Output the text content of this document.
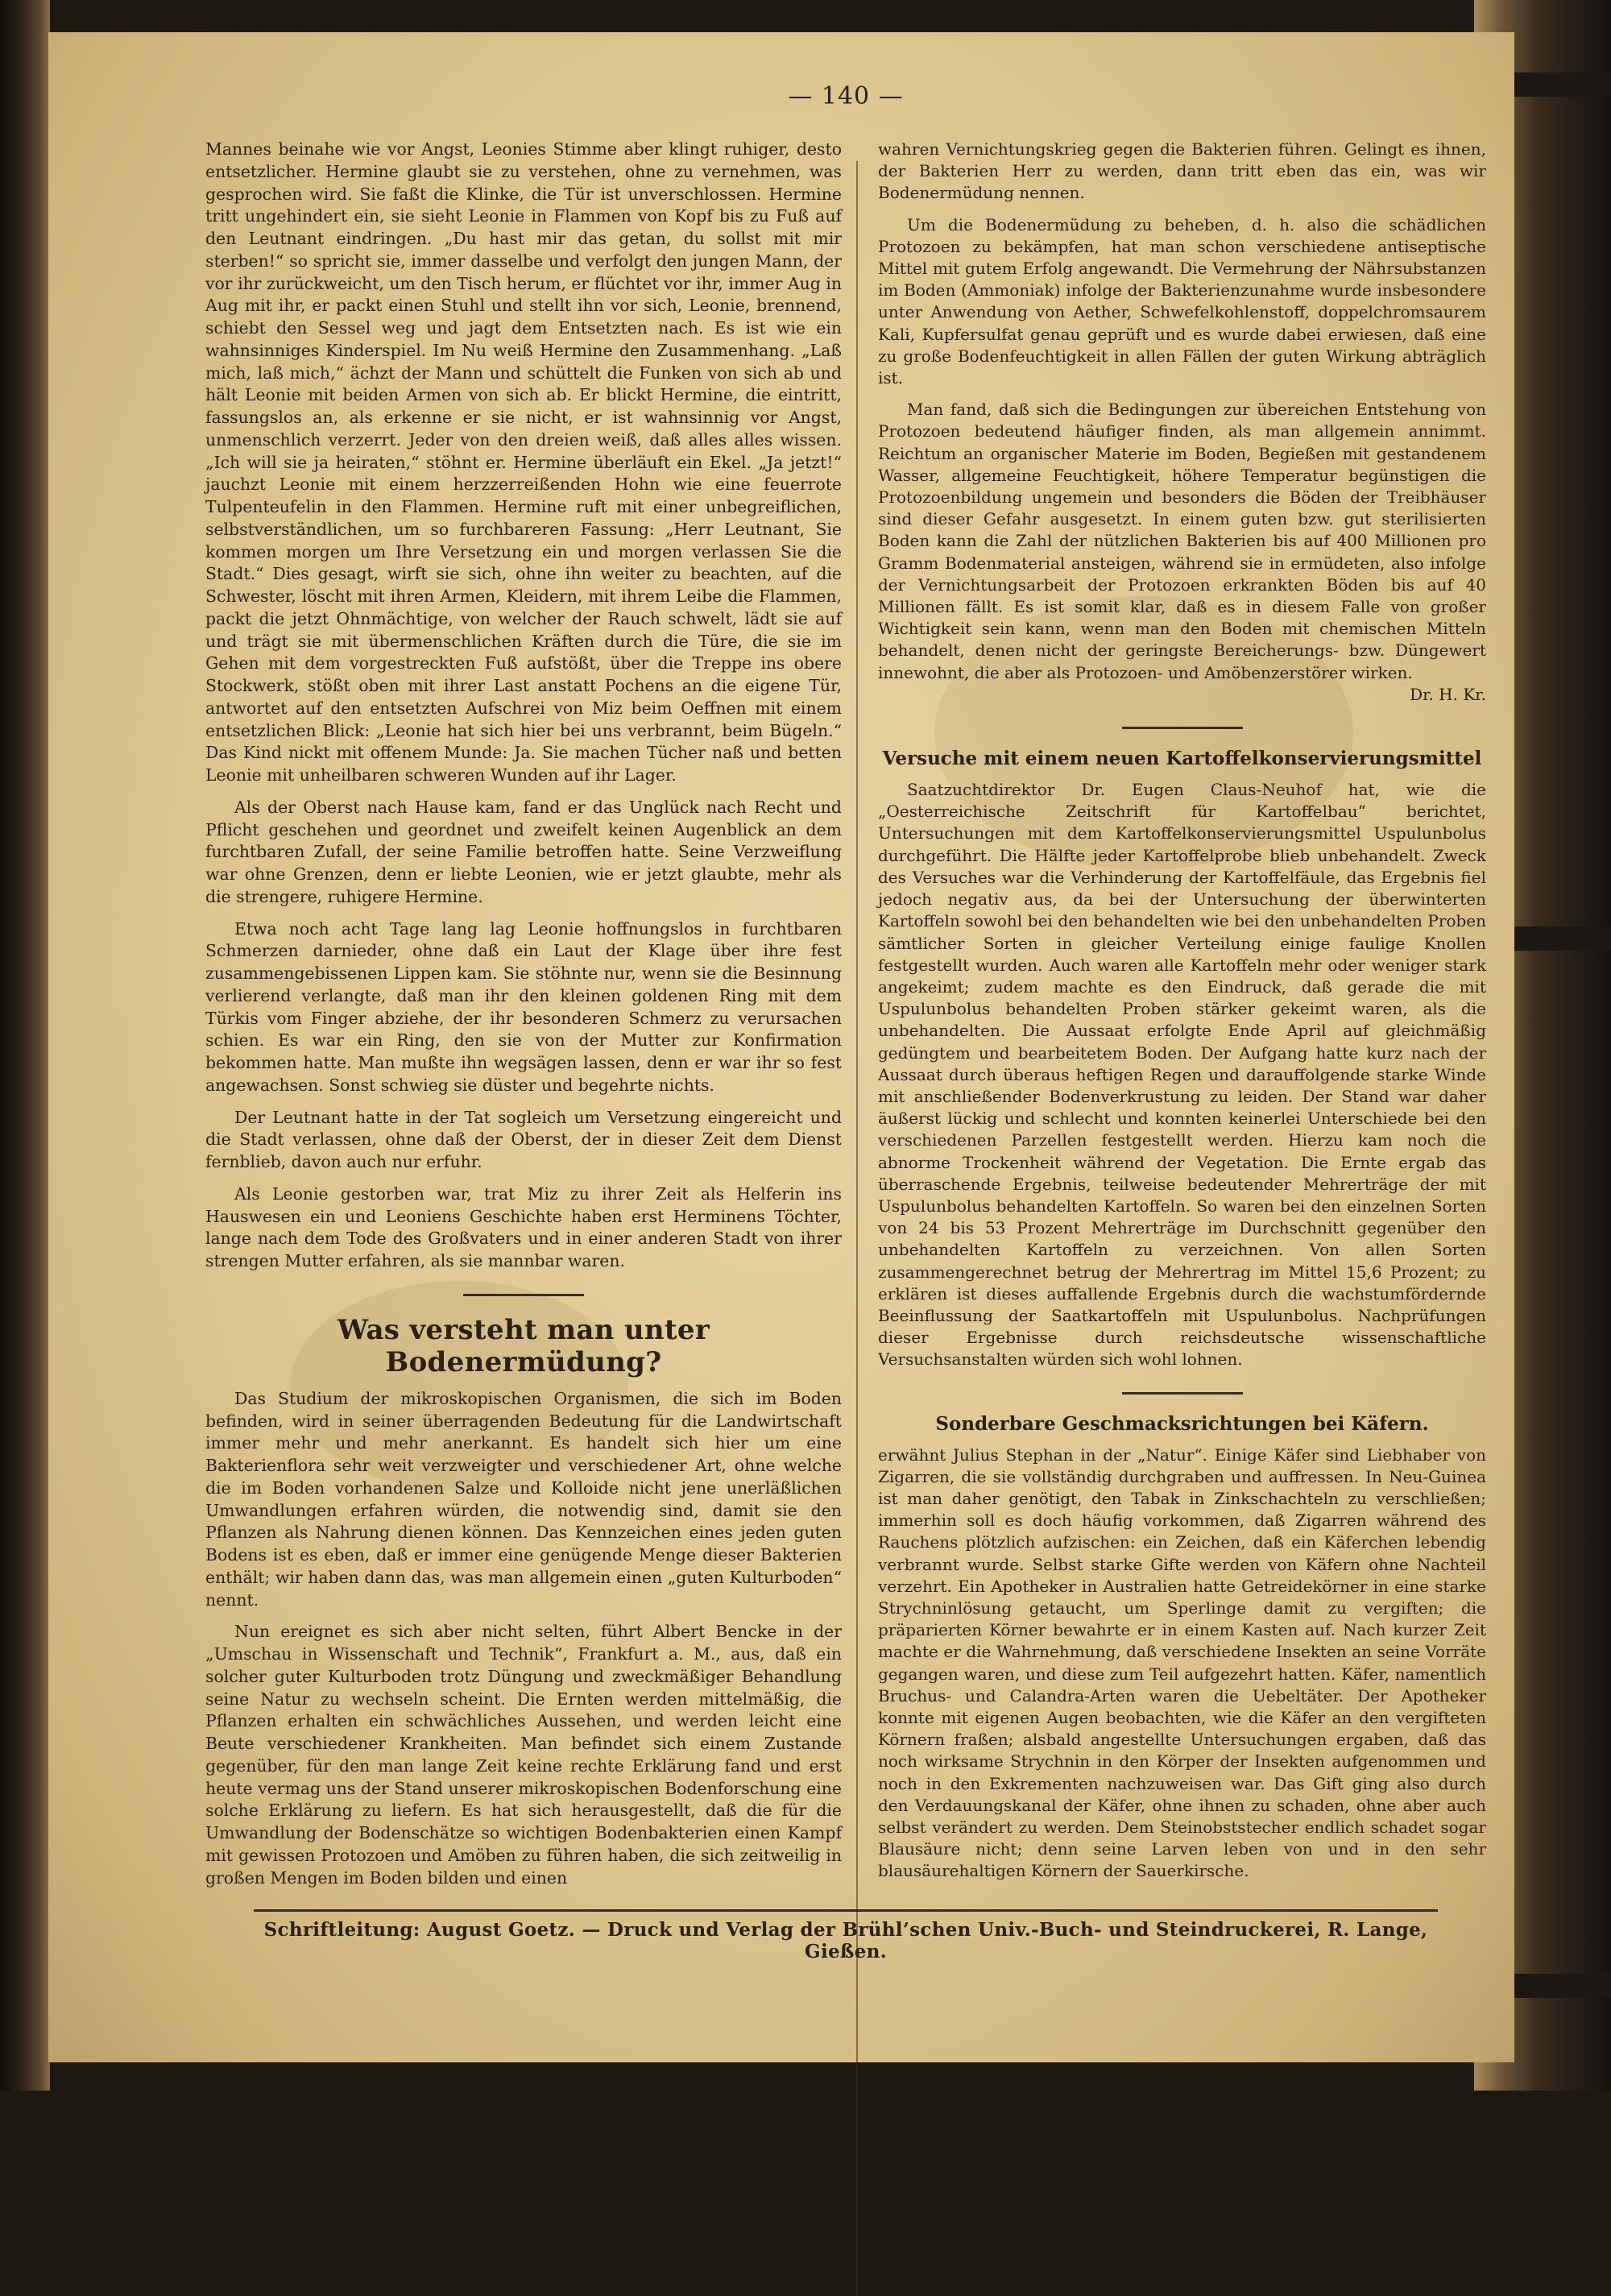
— 140 —

Mannes beinahe wie vor Angst, Leonies Stimme aber klingt ruhiger, desto entsetzlicher. Hermine glaubt sie zu verstehen, ohne zu vernehmen, was gesprochen wird. Sie faßt die Klinke, die Tür ist unverschlossen. Hermine tritt ungehindert ein, sie sieht Leonie in Flammen von Kopf bis zu Fuß auf den Leutnant eindringen. „Du hast mir das getan, du sollst mit mir sterben!“ so spricht sie, immer dasselbe und verfolgt den jungen Mann, der vor ihr zurückweicht, um den Tisch herum, er flüchtet vor ihr, immer Aug in Aug mit ihr, er packt einen Stuhl und stellt ihn vor sich, Leonie, brennend, schiebt den Sessel weg und jagt dem Entsetzten nach. Es ist wie ein wahnsinniges Kinderspiel. Im Nu weiß Hermine den Zusammenhang. „Laß mich, laß mich,“ ächzt der Mann und schüttelt die Funken von sich ab und hält Leonie mit beiden Armen von sich ab. Er blickt Hermine, die eintritt, fassungslos an, als erkenne er sie nicht, er ist wahnsinnig vor Angst, unmenschlich verzerrt. Jeder von den dreien weiß, daß alles alles wissen. „Ich will sie ja heiraten,“ stöhnt er. Hermine überläuft ein Ekel. „Ja jetzt!“ jauchzt Leonie mit einem herzzerreißenden Hohn wie eine feuerrote Tulpenteufelin in den Flammen. Hermine ruft mit einer unbegreiflichen, selbstverständlichen, um so furchbareren Fassung: „Herr Leutnant, Sie kommen morgen um Ihre Versetzung ein und morgen verlassen Sie die Stadt.“ Dies gesagt, wirft sie sich, ohne ihn weiter zu beachten, auf die Schwester, löscht mit ihren Armen, Kleidern, mit ihrem Leibe die Flammen, packt die jetzt Ohnmächtige, von welcher der Rauch schwelt, lädt sie auf und trägt sie mit übermenschlichen Kräften durch die Türe, die sie im Gehen mit dem vorgestreckten Fuß aufstößt, über die Treppe ins obere Stockwerk, stößt oben mit ihrer Last anstatt Pochens an die eigene Tür, antwortet auf den entsetzten Aufschrei von Miz beim Oeffnen mit einem entsetzlichen Blick: „Leonie hat sich hier bei uns verbrannt, beim Bügeln.“ Das Kind nickt mit offenem Munde: Ja. Sie machen Tücher naß und betten Leonie mit unheilbaren schweren Wunden auf ihr Lager.

Als der Oberst nach Hause kam, fand er das Unglück nach Recht und Pflicht geschehen und geordnet und zweifelt keinen Augenblick an dem furchtbaren Zufall, der seine Familie betroffen hatte. Seine Verzweiflung war ohne Grenzen, denn er liebte Leonien, wie er jetzt glaubte, mehr als die strengere, ruhigere Hermine.

Etwa noch acht Tage lang lag Leonie hoffnungslos in furchtbaren Schmerzen darnieder, ohne daß ein Laut der Klage über ihre fest zusammengebissenen Lippen kam. Sie stöhnte nur, wenn sie die Besinnung verlierend verlangte, daß man ihr den kleinen goldenen Ring mit dem Türkis vom Finger abziehe, der ihr besonderen Schmerz zu verursachen schien. Es war ein Ring, den sie von der Mutter zur Konfirmation bekommen hatte. Man mußte ihn wegsägen lassen, denn er war ihr so fest angewachsen. Sonst schwieg sie düster und begehrte nichts.

Der Leutnant hatte in der Tat sogleich um Versetzung eingereicht und die Stadt verlassen, ohne daß der Oberst, der in dieser Zeit dem Dienst fernblieb, davon auch nur erfuhr.

Als Leonie gestorben war, trat Miz zu ihrer Zeit als Helferin ins Hauswesen ein und Leoniens Geschichte haben erst Herminens Töchter, lange nach dem Tode des Großvaters und in einer anderen Stadt von ihrer strengen Mutter erfahren, als sie mannbar waren.

Was versteht man unter Bodenermüdung?

Das Studium der mikroskopischen Organismen, die sich im Boden befinden, wird in seiner überragenden Bedeutung für die Landwirtschaft immer mehr und mehr anerkannt. Es handelt sich hier um eine Bakterienflora sehr weit verzweigter und verschiedener Art, ohne welche die im Boden vorhandenen Salze und Kolloide nicht jene unerläßlichen Umwandlungen erfahren würden, die notwendig sind, damit sie den Pflanzen als Nahrung dienen können. Das Kennzeichen eines jeden guten Bodens ist es eben, daß er immer eine genügende Menge dieser Bakterien enthält; wir haben dann das, was man allgemein einen „guten Kulturboden“ nennt.

Nun ereignet es sich aber nicht selten, führt Albert Bencke in der „Umschau in Wissenschaft und Technik“, Frankfurt a. M., aus, daß ein solcher guter Kulturboden trotz Düngung und zweckmäßiger Behandlung seine Natur zu wechseln scheint. Die Ernten werden mittelmäßig, die Pflanzen erhalten ein schwächliches Aussehen, und werden leicht eine Beute verschiedener Krankheiten. Man befindet sich einem Zustande gegenüber, für den man lange Zeit keine rechte Erklärung fand und erst heute vermag uns der Stand unserer mikroskopischen Bodenforschung eine solche Erklärung zu liefern. Es hat sich herausgestellt, daß die für die Umwandlung der Bodenschätze so wichtigen Bodenbakterien einen Kampf mit gewissen Protozoen und Amöben zu führen haben, die sich zeitweilig in großen Mengen im Boden bilden und einen

wahren Vernichtungskrieg gegen die Bakterien führen. Gelingt es ihnen, der Bakterien Herr zu werden, dann tritt eben das ein, was wir Bodenermüdung nennen.

Um die Bodenermüdung zu beheben, d. h. also die schädlichen Protozoen zu bekämpfen, hat man schon verschiedene antiseptische Mittel mit gutem Erfolg angewandt. Die Vermehrung der Nährsubstanzen im Boden (Ammoniak) infolge der Bakterienzunahme wurde insbesondere unter Anwendung von Aether, Schwefelkohlenstoff, doppelchromsaurem Kali, Kupfersulfat genau geprüft und es wurde dabei erwiesen, daß eine zu große Bodenfeuchtigkeit in allen Fällen der guten Wirkung abträglich ist.

Man fand, daß sich die Bedingungen zur übereichen Entstehung von Protozoen bedeutend häufiger finden, als man allgemein annimmt. Reichtum an organischer Materie im Boden, Begießen mit gestandenem Wasser, allgemeine Feuchtigkeit, höhere Temperatur begünstigen die Protozoenbildung ungemein und besonders die Böden der Treibhäuser sind dieser Gefahr ausgesetzt. In einem guten bzw. gut sterilisierten Boden kann die Zahl der nützlichen Bakterien bis auf 400 Millionen pro Gramm Bodenmaterial ansteigen, während sie in ermüdeten, also infolge der Vernichtungsarbeit der Protozoen erkrankten Böden bis auf 40 Millionen fällt. Es ist somit klar, daß es in diesem Falle von großer Wichtigkeit sein kann, wenn man den Boden mit chemischen Mitteln behandelt, denen nicht der geringste Bereicherungs- bzw. Düngewert innewohnt, die aber als Protozoen- und Amöbenzerstörer wirken.

Dr. H. Kr.
Versuche mit einem neuen Kartoffelkonservierungsmittel

Saatzuchtdirektor Dr. Eugen Claus-Neuhof hat, wie die „Oesterreichische Zeitschrift für Kartoffelbau“ berichtet, Untersuchungen mit dem Kartoffelkonservierungsmittel Uspulunbolus durchgeführt. Die Hälfte jeder Kartoffelprobe blieb unbehandelt. Zweck des Versuches war die Verhinderung der Kartoffelfäule, das Ergebnis fiel jedoch negativ aus, da bei der Untersuchung der überwinterten Kartoffeln sowohl bei den behandelten wie bei den unbehandelten Proben sämtlicher Sorten in gleicher Verteilung einige faulige Knollen festgestellt wurden. Auch waren alle Kartoffeln mehr oder weniger stark angekeimt; zudem machte es den Eindruck, daß gerade die mit Uspulunbolus behandelten Proben stärker gekeimt waren, als die unbehandelten. Die Aussaat erfolgte Ende April auf gleichmäßig gedüngtem und bearbeitetem Boden. Der Aufgang hatte kurz nach der Aussaat durch überaus heftigen Regen und darauffolgende starke Winde mit anschließender Bodenverkrustung zu leiden. Der Stand war daher äußerst lückig und schlecht und konnten keinerlei Unterschiede bei den verschiedenen Parzellen festgestellt werden. Hierzu kam noch die abnorme Trockenheit während der Vegetation. Die Ernte ergab das überraschende Ergebnis, teilweise bedeutender Mehrerträge der mit Uspulunbolus behandelten Kartoffeln. So waren bei den einzelnen Sorten von 24 bis 53 Prozent Mehrerträge im Durchschnitt gegenüber den unbehandelten Kartoffeln zu verzeichnen. Von allen Sorten zusammengerechnet betrug der Mehrertrag im Mittel 15,6 Prozent; zu erklären ist dieses auffallende Ergebnis durch die wachstumfördernde Beeinflussung der Saatkartoffeln mit Uspulunbolus. Nachprüfungen dieser Ergebnisse durch reichsdeutsche wissenschaftliche Versuchsanstalten würden sich wohl lohnen.

Sonderbare Geschmacksrichtungen bei Käfern.

erwähnt Julius Stephan in der „Natur“. Einige Käfer sind Liebhaber von Zigarren, die sie vollständig durchgraben und auffressen. In Neu-Guinea ist man daher genötigt, den Tabak in Zinkschachteln zu verschließen; immerhin soll es doch häufig vorkommen, daß Zigarren während des Rauchens plötzlich aufzischen: ein Zeichen, daß ein Käferchen lebendig verbrannt wurde. Selbst starke Gifte werden von Käfern ohne Nachteil verzehrt. Ein Apotheker in Australien hatte Getreidekörner in eine starke Strychninlösung getaucht, um Sperlinge damit zu vergiften; die präparierten Körner bewahrte er in einem Kasten auf. Nach kurzer Zeit machte er die Wahrnehmung, daß verschiedene Insekten an seine Vorräte gegangen waren, und diese zum Teil aufgezehrt hatten. Käfer, namentlich Bruchus- und Calandra-Arten waren die Uebeltäter. Der Apotheker konnte mit eigenen Augen beobachten, wie die Käfer an den vergifteten Körnern fraßen; alsbald angestellte Untersuchungen ergaben, daß das noch wirksame Strychnin in den Körper der Insekten aufgenommen und noch in den Exkrementen nachzuweisen war. Das Gift ging also durch den Verdauungskanal der Käfer, ohne ihnen zu schaden, ohne aber auch selbst verändert zu werden. Dem Steinobststecher endlich schadet sogar Blausäure nicht; denn seine Larven leben von und in den sehr blausäurehaltigen Körnern der Sauerkirsche.

Schriftleitung: August Goetz. — Druck und Verlag der Brühl’schen Univ.-Buch- und Steindruckerei, R. Lange, Gießen.
